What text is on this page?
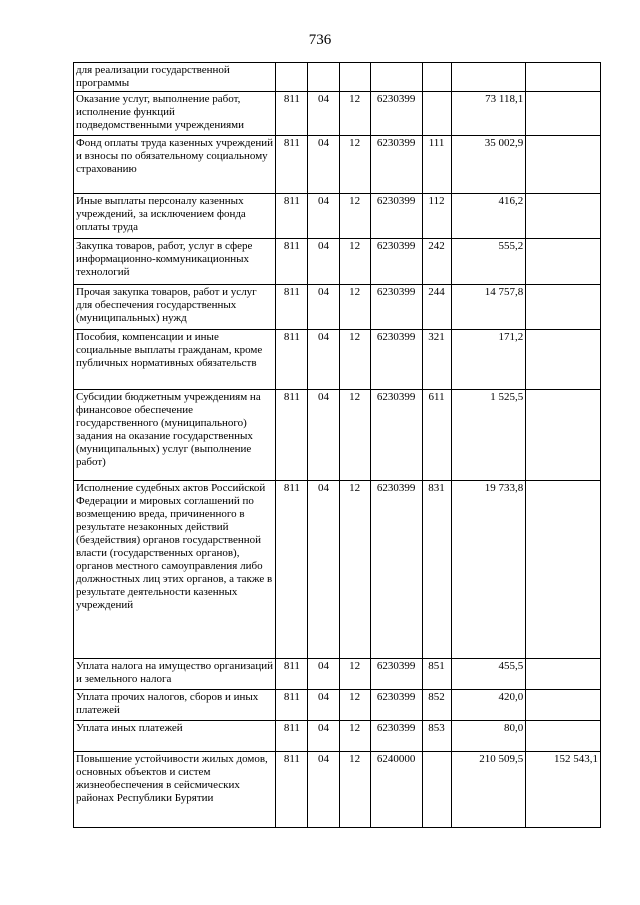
736
для реализации государственной программы							
Оказание услуг, выполнение работ, исполнение функций подведомственными учреждениями	811	04	12	6230399		73 118,1	
Фонд оплаты труда казенных учреждений и взносы по обязательному социальному страхованию	811	04	12	6230399	111	35 002,9	
Иные выплаты персоналу казенных учреждений, за исключением фонда оплаты труда	811	04	12	6230399	112	416,2	
Закупка товаров, работ, услуг в сфере информационно-коммуникационных технологий	811	04	12	6230399	242	555,2	
Прочая закупка товаров, работ и услуг для обеспечения государственных (муниципальных) нужд	811	04	12	6230399	244	14 757,8	
Пособия, компенсации и иные социальные выплаты гражданам, кроме публичных нормативных обязательств	811	04	12	6230399	321	171,2	
Субсидии бюджетным учреждениям на финансовое обеспечение государственного (муниципального) задания на оказание государственных (муниципальных) услуг (выполнение работ)	811	04	12	6230399	611	1 525,5	
Исполнение судебных актов Российской Федерации и мировых соглашений по возмещению вреда, причиненного в результате незаконных действий (бездействия) органов государственной власти (государственных органов), органов местного самоуправления либо должностных лиц этих органов, а также в результате деятельности казенных учреждений	811	04	12	6230399	831	19 733,8	
Уплата налога на имущество организаций и земельного налога	811	04	12	6230399	851	455,5	
Уплата прочих налогов, сборов и иных платежей	811	04	12	6230399	852	420,0	
Уплата иных платежей	811	04	12	6230399	853	80,0	
Повышение устойчивости жилых домов, основных объектов и систем жизнеобеспечения в сейсмических районах Республики Бурятии	811	04	12	6240000		210 509,5	152 543,1
